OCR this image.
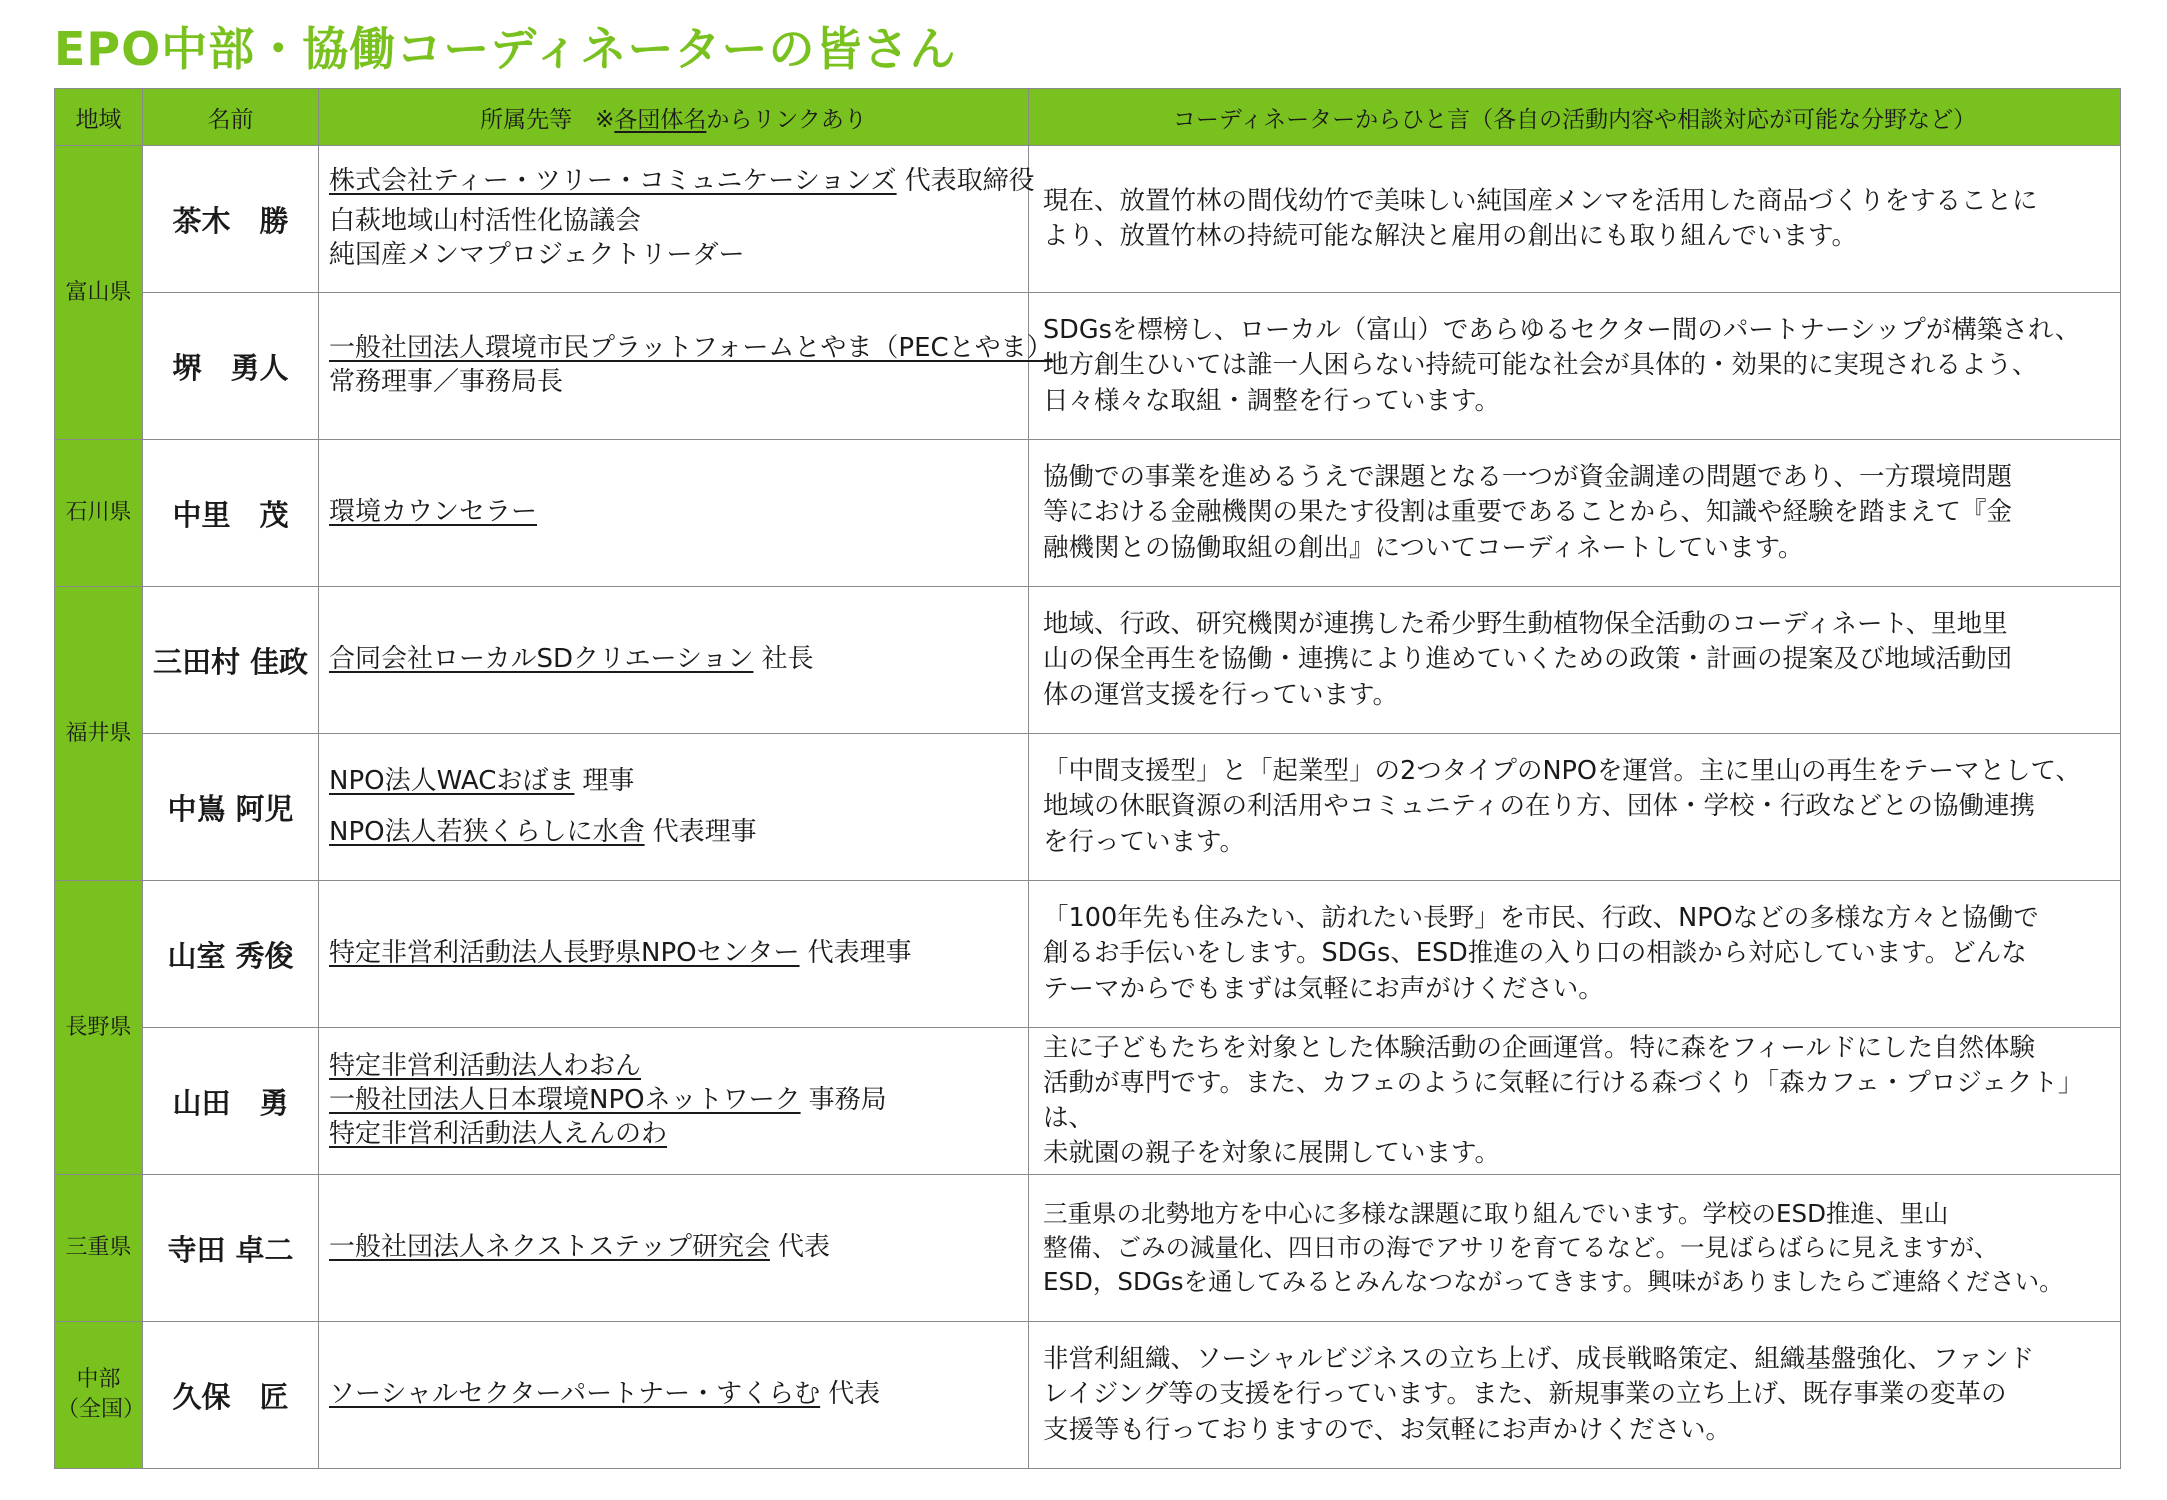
EPO中部・協働コーディネーターの皆さん
地域	名前	所属先等　※各団体名からリンクあり	コーディネーターからひと言（各自の活動内容や相談対応が可能な分野など）
富山県	茶木　勝	株式会社ティー・ツリー・コミュニケーションズ 代表取締役
白萩地域山村活性化協議会
純国産メンマプロジェクトリーダー	現在、放置竹林の間伐幼竹で美味しい純国産メンマを活用した商品づくりをすることに
より、放置竹林の持続可能な解決と雇用の創出にも取り組んでいます。

	堺　勇人	一般社団法人環境市民プラットフォームとやま（PECとやま）
常務理事／事務局長	SDGsを標榜し、ローカル（富山）であらゆるセクター間のパートナーシップが構築され、
地方創生ひいては誰一人困らない持続可能な社会が具体的・効果的に実現されるよう、
日々様々な取組・調整を行っています。

石川県	中里　茂	環境カウンセラー	協働での事業を進めるうえで課題となる一つが資金調達の問題であり、一方環境問題
等における金融機関の果たす役割は重要であることから、知識や経験を踏まえて『金
融機関との協働取組の創出』についてコーディネートしています。

福井県	三田村 佳政	合同会社ローカルSDクリエーション 社長	地域、行政、研究機関が連携した希少野生動植物保全活動のコーディネート、里地里
山の保全再生を協働・連携により進めていくための政策・計画の提案及び地域活動団
体の運営支援を行っています。

	中嶌 阿児	NPO法人WACおばま 理事
NPO法人若狭くらしに水舎 代表理事	「中間支援型」と「起業型」の2つタイプのNPOを運営。主に里山の再生をテーマとして、
地域の休眠資源の利活用やコミュニティの在り方、団体・学校・行政などとの協働連携
を行っています。

長野県	山室 秀俊	特定非営利活動法人長野県NPOセンター 代表理事	「100年先も住みたい、訪れたい長野」を市民、行政、NPOなどの多様な方々と協働で
創るお手伝いをします。SDGs、ESD推進の入り口の相談から対応しています。どんな
テーマからでもまずは気軽にお声がけください。

	山田　勇	特定非営利活動法人わおん
一般社団法人日本環境NPOネットワーク 事務局
特定非営利活動法人えんのわ	主に子どもたちを対象とした体験活動の企画運営。特に森をフィールドにした自然体験
活動が専門です。また、カフェのように気軽に行ける森づくり「森カフェ・プロジェクト」は、
未就園の親子を対象に展開しています。

三重県	寺田 卓二	一般社団法人ネクストステップ研究会 代表	三重県の北勢地方を中心に多様な課題に取り組んでいます。学校のESD推進、里山
整備、ごみの減量化、四日市の海でアサリを育てるなど。一見ばらばらに見えますが、
ESD，SDGsを通してみるとみんなつながってきます。興味がありましたらご連絡ください。

中部
（全国）	久保　匠	ソーシャルセクターパートナー・すくらむ 代表	非営利組織、ソーシャルビジネスの立ち上げ、成長戦略策定、組織基盤強化、ファンド
レイジング等の支援を行っています。また、新規事業の立ち上げ、既存事業の変革の
支援等も行っておりますので、お気軽にお声かけください。
